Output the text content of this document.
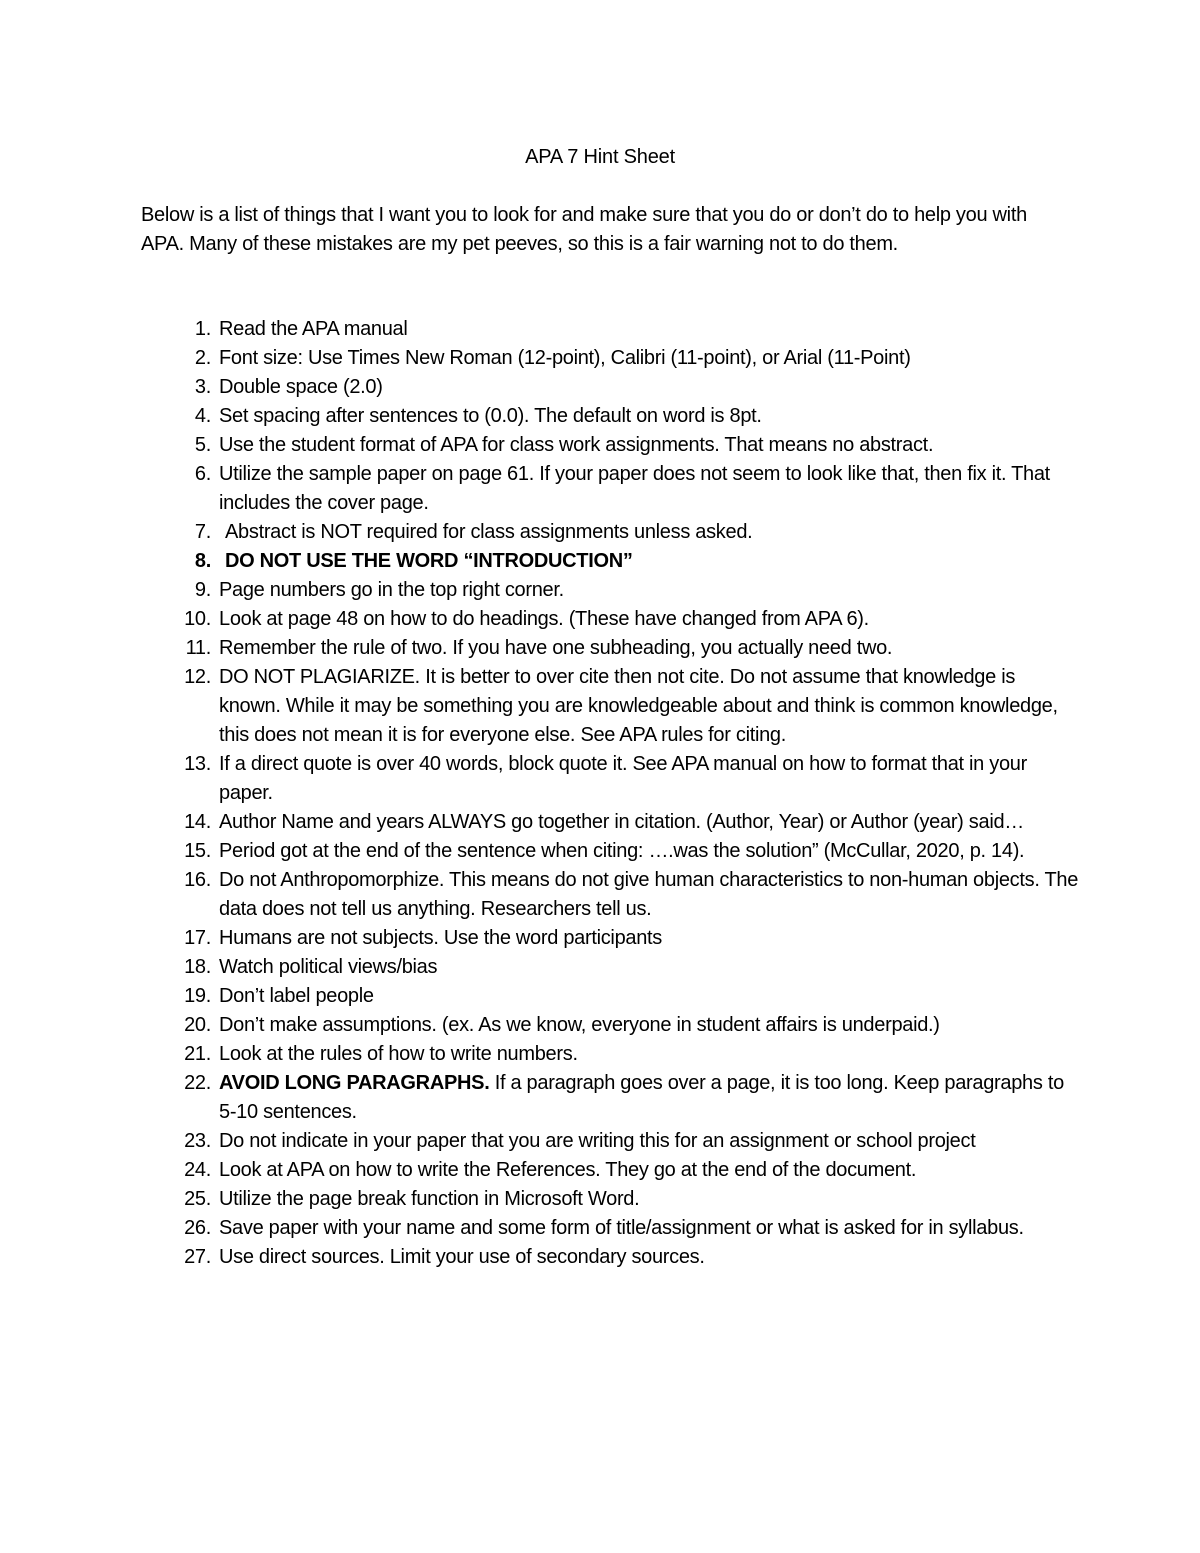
APA 7 Hint Sheet
Below is a list of things that I want you to look for and make sure that you do or don’t do to help you with APA. Many of these mistakes are my pet peeves, so this is a fair warning not to do them.
1. Read the APA manual
2. Font size: Use Times New Roman (12-point), Calibri (11-point), or Arial (11-Point)
3. Double space (2.0)
4. Set spacing after sentences to (0.0). The default on word is 8pt.
5. Use the student format of APA for class work assignments. That means no abstract.
6. Utilize the sample paper on page 61. If your paper does not seem to look like that, then fix it. That includes the cover page.
7. Abstract is NOT required for class assignments unless asked.
8. DO NOT USE THE WORD “INTRODUCTION”
9. Page numbers go in the top right corner.
10. Look at page 48 on how to do headings. (These have changed from APA 6).
11. Remember the rule of two. If you have one subheading, you actually need two.
12. DO NOT PLAGIARIZE. It is better to over cite then not cite. Do not assume that knowledge is known. While it may be something you are knowledgeable about and think is common knowledge, this does not mean it is for everyone else. See APA rules for citing.
13. If a direct quote is over 40 words, block quote it. See APA manual on how to format that in your paper.
14. Author Name and years ALWAYS go together in citation. (Author, Year) or Author (year) said…
15. Period got at the end of the sentence when citing: ….was the solution” (McCullar, 2020, p. 14).
16. Do not Anthropomorphize. This means do not give human characteristics to non-human objects. The data does not tell us anything. Researchers tell us.
17. Humans are not subjects. Use the word participants
18. Watch political views/bias
19. Don’t label people
20. Don’t make assumptions. (ex. As we know, everyone in student affairs is underpaid.)
21. Look at the rules of how to write numbers.
22. AVOID LONG PARAGRAPHS. If a paragraph goes over a page, it is too long. Keep paragraphs to 5-10 sentences.
23. Do not indicate in your paper that you are writing this for an assignment or school project
24. Look at APA on how to write the References. They go at the end of the document.
25. Utilize the page break function in Microsoft Word.
26. Save paper with your name and some form of title/assignment or what is asked for in syllabus.
27. Use direct sources. Limit your use of secondary sources.
